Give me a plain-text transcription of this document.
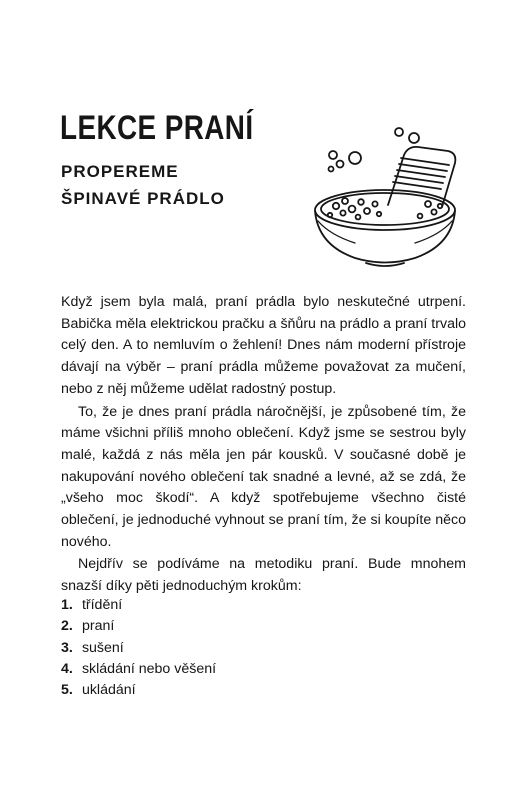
LEKCE PRANÍ
PROPEREME
ŠPINAVÉ PRÁDLO

Když jsem byla malá, praní prádla bylo neskutečné utrpení. Babička měla elektrickou pračku a šňůru na prádlo a praní trvalo celý den. A to nemluvím o žehlení! Dnes nám moderní přístroje dávají na výběr – praní prádla můžeme považovat za mučení, nebo z něj můžeme udělat radostný postup.

To, že je dnes praní prádla náročnější, je způsobené tím, že máme všichni příliš mnoho oblečení. Když jsme se sestrou byly malé, každá z nás měla jen pár kousků. V současné době je nakupování nového oblečení tak snadné a levné, až se zdá, že „všeho moc škodí“. A když spotřebujeme všechno čisté oblečení, je jednoduché vyhnout se praní tím, že si koupíte něco nového.

Nejdřív se podíváme na metodiku praní. Bude mnohem snazší díky pěti jednoduchým krokům:

1. třídění
2. praní
3. sušení
4. skládání nebo věšení
5. ukládání
